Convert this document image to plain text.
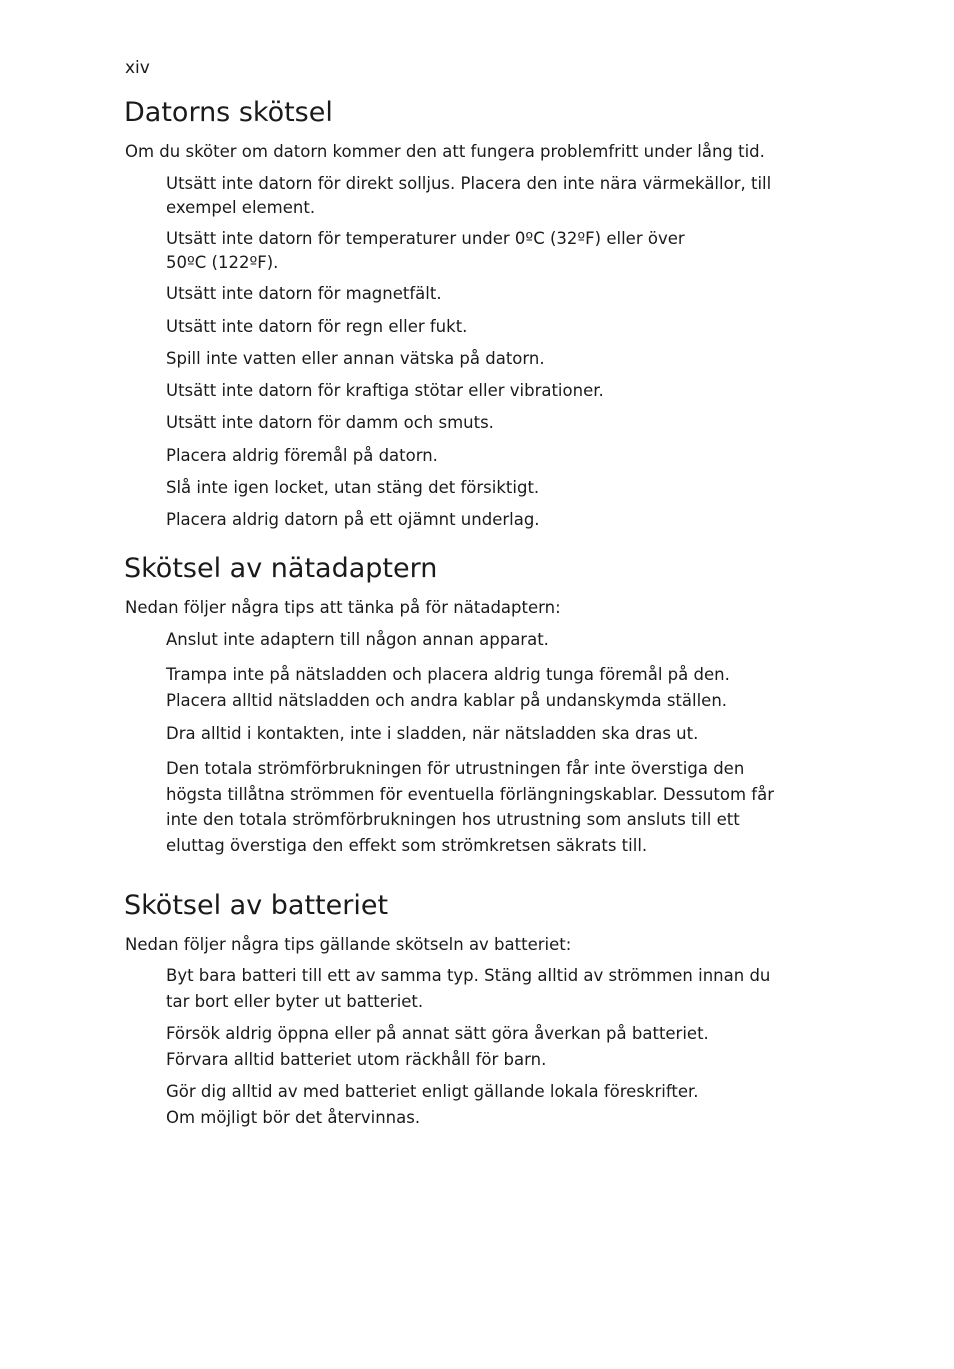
xiv
Datorns skötsel

Om du sköter om datorn kommer den att fungera problemfritt under lång tid.

Utsätt inte datorn för direkt solljus. Placera den inte nära värmekällor, till
exempel element.

Utsätt inte datorn för temperaturer under 0ºC (32ºF) eller över
50ºC (122ºF).

Utsätt inte datorn för magnetfält.

Utsätt inte datorn för regn eller fukt.

Spill inte vatten eller annan vätska på datorn.

Utsätt inte datorn för kraftiga stötar eller vibrationer.

Utsätt inte datorn för damm och smuts.

Placera aldrig föremål på datorn.

Slå inte igen locket, utan stäng det försiktigt.

Placera aldrig datorn på ett ojämnt underlag.

Skötsel av nätadaptern

Nedan följer några tips att tänka på för nätadaptern:

Anslut inte adaptern till någon annan apparat.

Trampa inte på nätsladden och placera aldrig tunga föremål på den.
Placera alltid nätsladden och andra kablar på undanskymda ställen.

Dra alltid i kontakten, inte i sladden, när nätsladden ska dras ut.

Den totala strömförbrukningen för utrustningen får inte överstiga den
högsta tillåtna strömmen för eventuella förlängningskablar. Dessutom får
inte den totala strömförbrukningen hos utrustning som ansluts till ett
eluttag överstiga den effekt som strömkretsen säkrats till.

Skötsel av batteriet

Nedan följer några tips gällande skötseln av batteriet:

Byt bara batteri till ett av samma typ. Stäng alltid av strömmen innan du
tar bort eller byter ut batteriet.

Försök aldrig öppna eller på annat sätt göra åverkan på batteriet.
Förvara alltid batteriet utom räckhåll för barn.

Gör dig alltid av med batteriet enligt gällande lokala föreskrifter.
Om möjligt bör det återvinnas.
